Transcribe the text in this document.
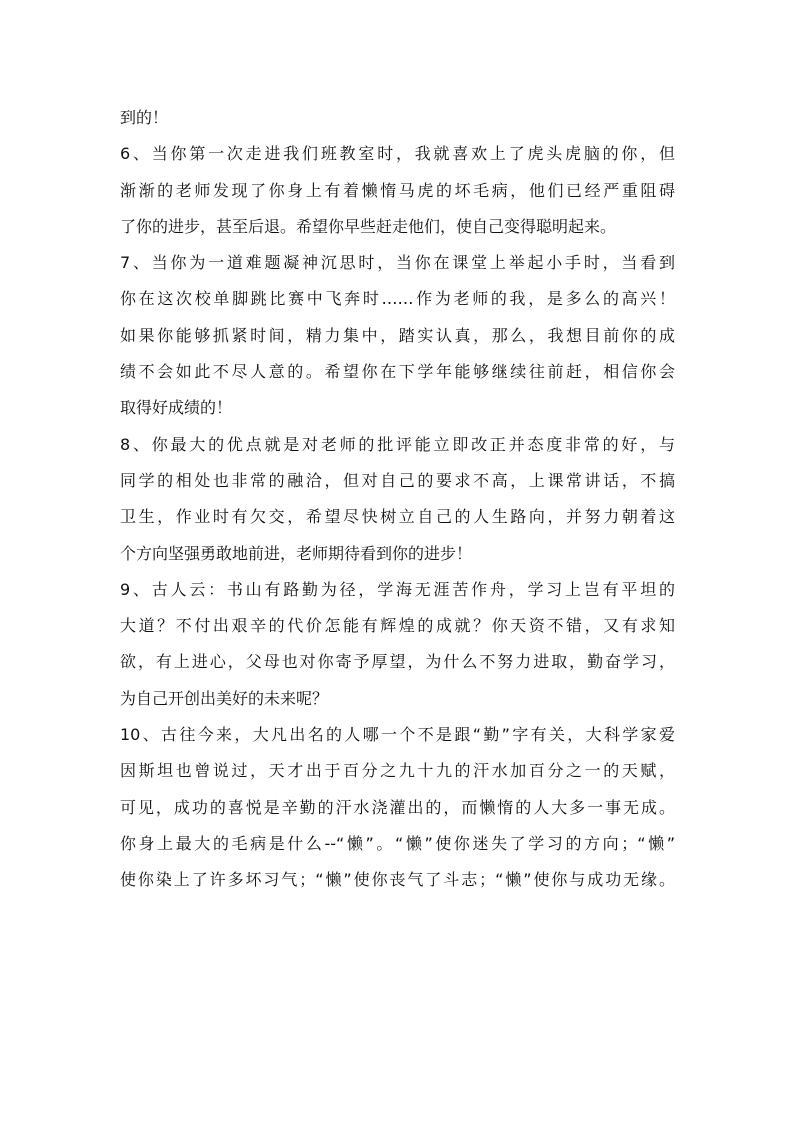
到的！
6、当你第一次走进我们班教室时，我就喜欢上了虎头虎脑的你，但
渐渐的老师发现了你身上有着懒惰马虎的坏毛病，他们已经严重阻碍
了你的进步，甚至后退。希望你早些赶走他们，使自己变得聪明起来。
7、当你为一道难题凝神沉思时，当你在课堂上举起小手时，当看到
你在这次校单脚跳比赛中飞奔时……作为老师的我，是多么的高兴！
如果你能够抓紧时间，精力集中，踏实认真，那么，我想目前你的成
绩不会如此不尽人意的。希望你在下学年能够继续往前赶，相信你会
取得好成绩的！
8、你最大的优点就是对老师的批评能立即改正并态度非常的好，与
同学的相处也非常的融洽，但对自己的要求不高，上课常讲话，不搞
卫生，作业时有欠交，希望尽快树立自己的人生路向，并努力朝着这
个方向坚强勇敢地前进，老师期待看到你的进步！
9、古人云：书山有路勤为径，学海无涯苦作舟，学习上岂有平坦的
大道？不付出艰辛的代价怎能有辉煌的成就？你天资不错，又有求知
欲，有上进心，父母也对你寄予厚望，为什么不努力进取，勤奋学习，
为自己开创出美好的未来呢？
10、古往今来，大凡出名的人哪一个不是跟“勤”字有关，大科学家爱
因斯坦也曾说过，天才出于百分之九十九的汗水加百分之一的天赋，
可见，成功的喜悦是辛勤的汗水浇灌出的，而懒惰的人大多一事无成。
你身上最大的毛病是什么--“懒”。“懒”使你迷失了学习的方向；“懒”
使你染上了许多坏习气；“懒”使你丧气了斗志；“懒”使你与成功无缘。
